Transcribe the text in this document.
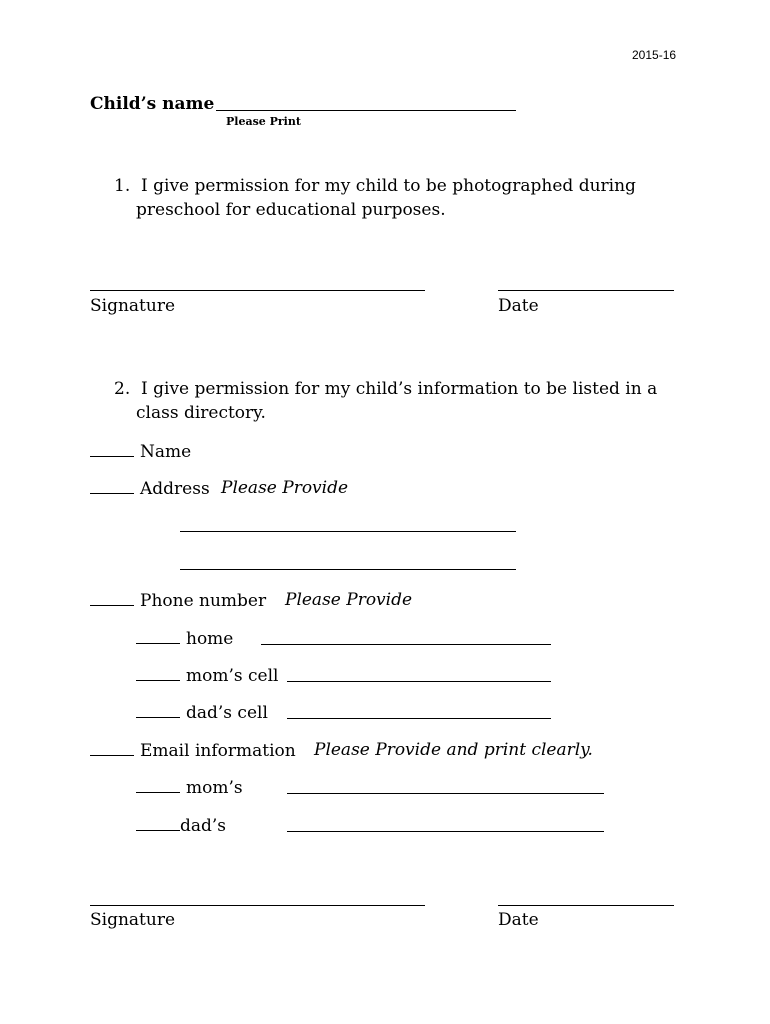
2015-16
Child’s name
Please Print
1. I give permission for my child to be photographed during
preschool for educational purposes.
Signature	Date
2. I give permission for my child’s information to be listed in a
class directory.
Name
Address Please Provide
Phone number Please Provide
home
mom’s cell
dad’s cell
Email information Please Provide and print clearly.
mom’s
dad’s
Signature	Date
